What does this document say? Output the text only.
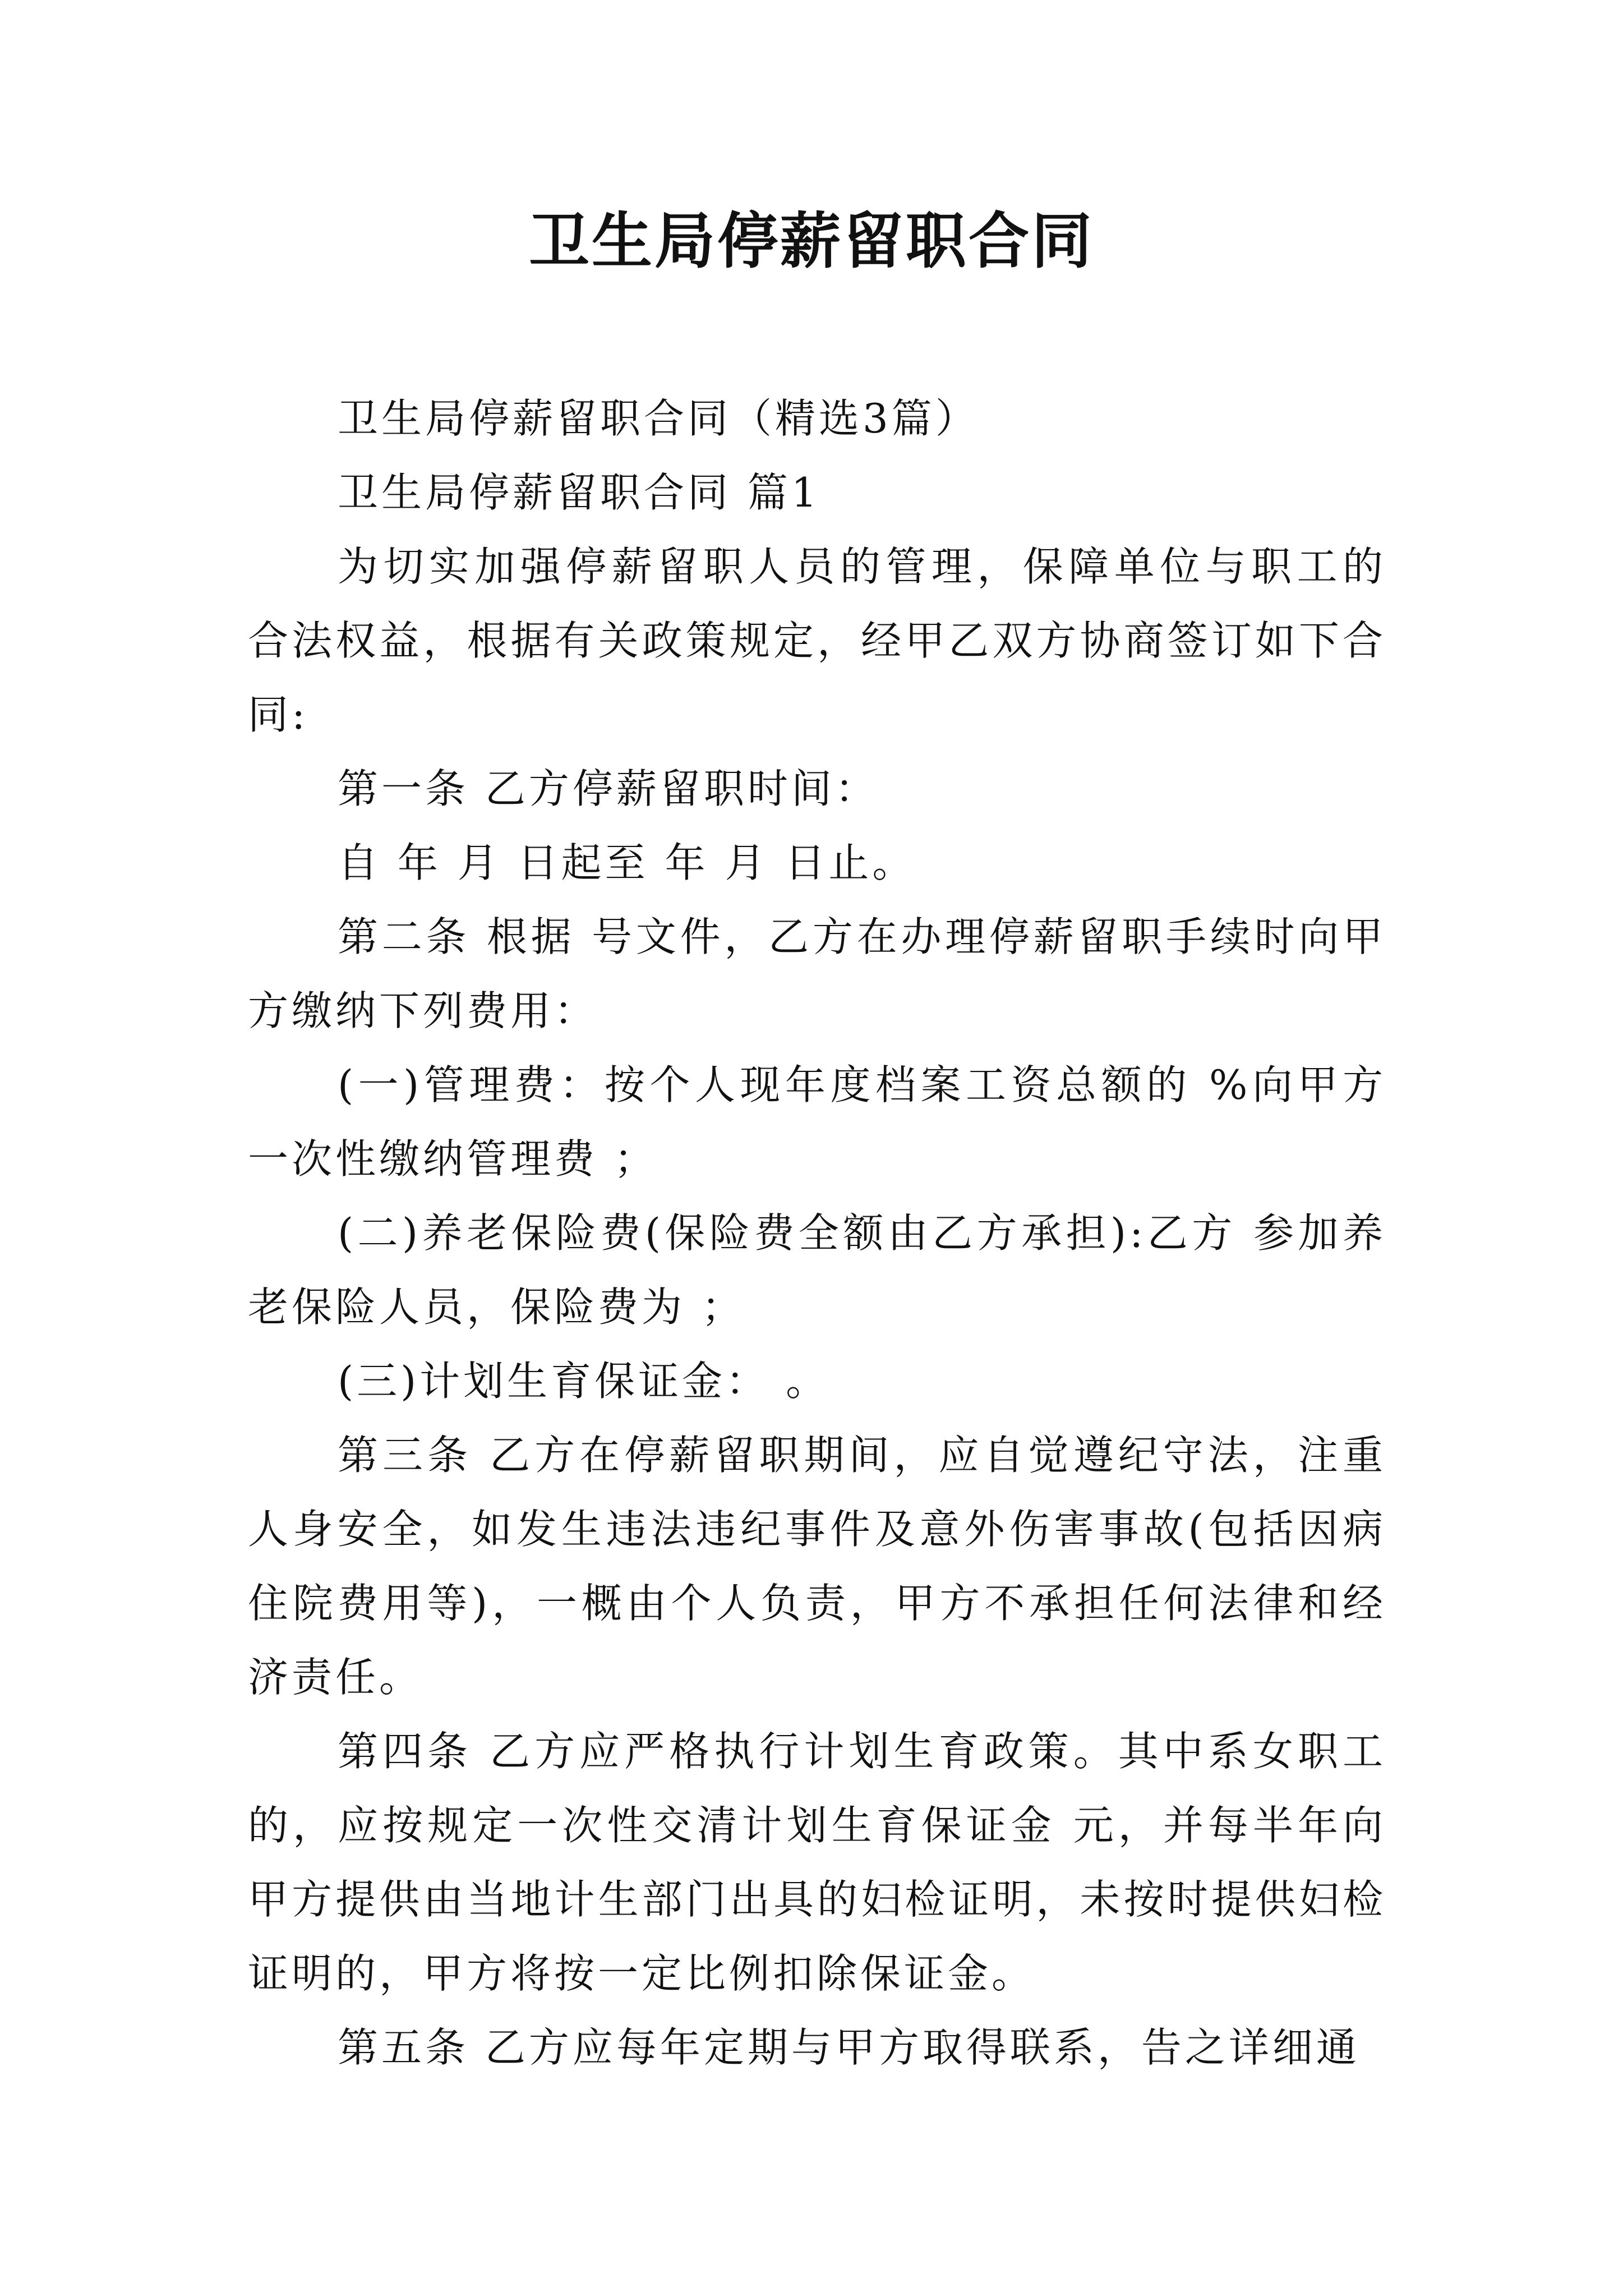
卫生局停薪留职合同

卫生局停薪留职合同（精选3篇）

卫生局停薪留职合同 篇1

为切实加强停薪留职人员的管理，保障单位与职工的合法权益，根据有关政策规定，经甲乙双方协商签订如下合同:

第一条 乙方停薪留职时间：

自 年 月 日起至 年 月 日止。

第二条 根据 号文件，乙方在办理停薪留职手续时向甲方缴纳下列费用：

(一)管理费：按个人现年度档案工资总额的 %向甲方一次性缴纳管理费 ；

(二)养老保险费(保险费全额由乙方承担):乙方 参加养老保险人员，保险费为 ；

(三)计划生育保证金： 。

第三条 乙方在停薪留职期间，应自觉遵纪守法，注重人身安全，如发生违法违纪事件及意外伤害事故(包括因病住院费用等)，一概由个人负责，甲方不承担任何法律和经济责任。

第四条 乙方应严格执行计划生育政策。其中系女职工的，应按规定一次性交清计划生育保证金 元，并每半年向甲方提供由当地计生部门出具的妇检证明，未按时提供妇检证明的，甲方将按一定比例扣除保证金。

第五条 乙方应每年定期与甲方取得联系，告之详细通
